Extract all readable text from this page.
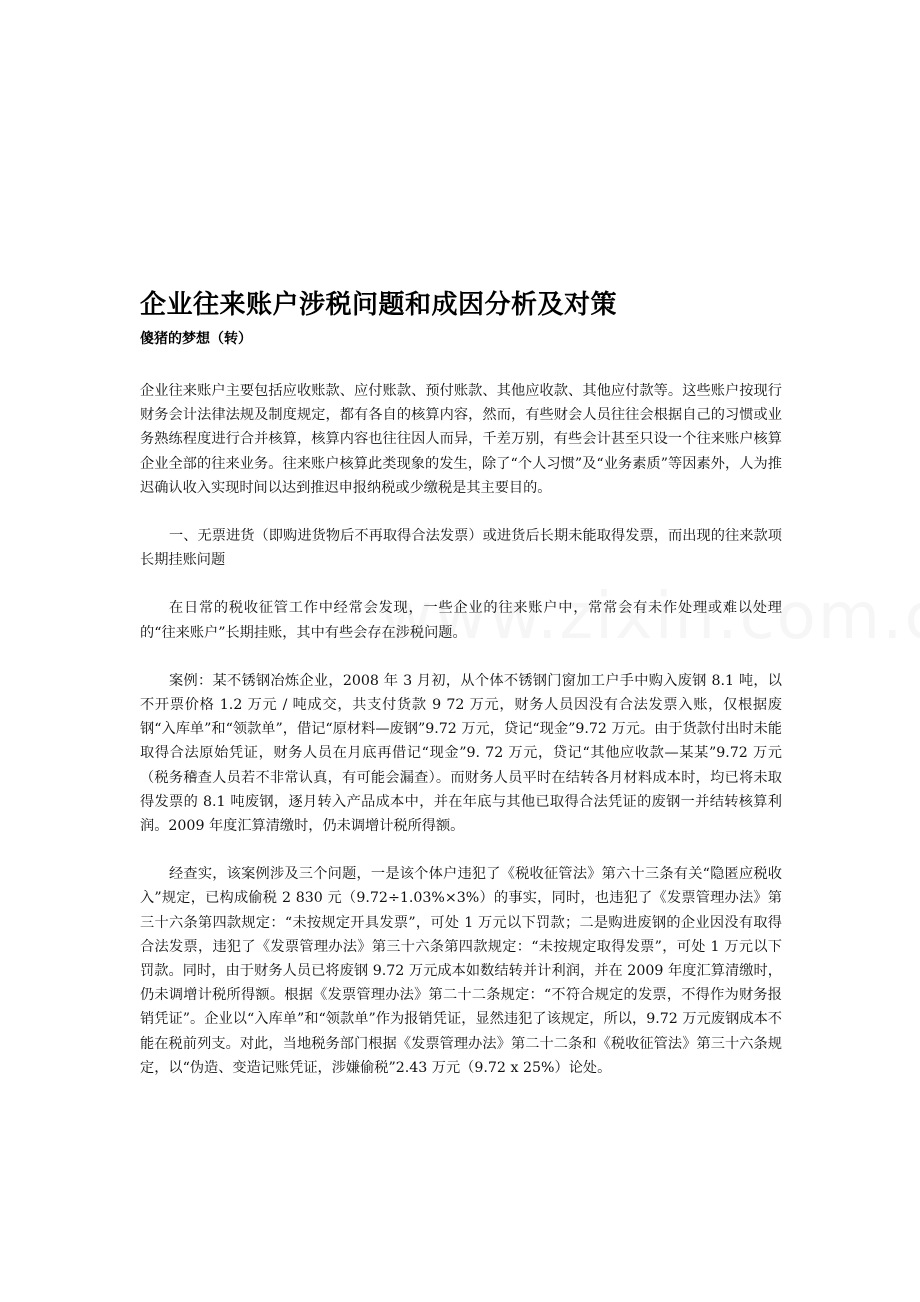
企业往来账户涉税问题和成因分析及对策

傻猪的梦想（转）

企业往来账户主要包括应收账款、应付账款、预付账款、其他应收款、其他应付款等。这些账户按现行财务会计法律法规及制度规定，都有各自的核算内容，然而，有些财会人员往往会根据自己的习惯或业务熟练程度进行合并核算，核算内容也往往因人而异，千差万别，有些会计甚至只设一个往来账户核算企业全部的往来业务。往来账户核算此类现象的发生，除了“个人习惯”及“业务素质”等因素外，人为推迟确认收入实现时间以达到推迟申报纳税或少缴税是其主要目的。

一、无票进货（即购进货物后不再取得合法发票）或进货后长期未能取得发票，而出现的往来款项长期挂账问题

在日常的税收征管工作中经常会发现，一些企业的往来账户中，常常会有未作处理或难以处理的“往来账户”长期挂账，其中有些会存在涉税问题。

案例：某不锈钢冶炼企业，2008 年 3 月初，从个体不锈钢门窗加工户手中购入废钢 8.1 吨，以不开票价格 1.2 万元 / 吨成交，共支付货款 9 72 万元，财务人员因没有合法发票入账，仅根据废钢“入库单”和“领款单”，借记“原材料—废钢”9.72 万元，贷记“现金”9.72 万元。由于货款付出时未能取得合法原始凭证，财务人员在月底再借记“现金”9. 72 万元，贷记“其他应收款—某某”9.72 万元（税务稽查人员若不非常认真，有可能会漏查）。而财务人员平时在结转各月材料成本时，均已将未取得发票的 8.1 吨废钢，逐月转入产品成本中，并在年底与其他已取得合法凭证的废钢一并结转核算利润。2009 年度汇算清缴时，仍未调增计税所得额。

经查实，该案例涉及三个问题，一是该个体户违犯了《税收征管法》第六十三条有关“隐匿应税收入”规定，已构成偷税 2 830 元（9.72÷1.03%×3%）的事实，同时，也违犯了《发票管理办法》第三十六条第四款规定：“未按规定开具发票”，可处 1 万元以下罚款；二是购进废钢的企业因没有取得合法发票，违犯了《发票管理办法》第三十六条第四款规定：“未按规定取得发票”，可处 1 万元以下罚款。同时，由于财务人员已将废钢 9.72 万元成本如数结转并计利润，并在 2009 年度汇算清缴时，仍未调增计税所得额。根据《发票管理办法》第二十二条规定：“不符合规定的发票，不得作为财务报销凭证”。企业以“入库单”和“领款单”作为报销凭证，显然违犯了该规定，所以，9.72 万元废钢成本不能在税前列支。对此，当地税务部门根据《发票管理办法》第二十二条和《税收征管法》第三十六条规定，以“伪造、变造记账凭证，涉嫌偷税”2.43 万元（9.72 x 25%）论处。
